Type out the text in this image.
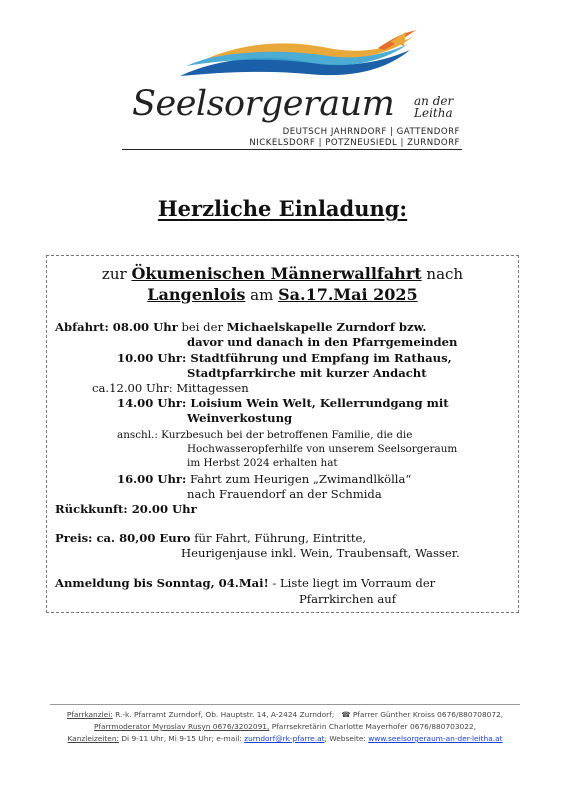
Seelsorgeraum an der
Leitha
DEUTSCH JAHRNDORF | GATTENDORF
NICKELSDORF | POTZNEUSIEDL | ZURNDORF
Herzliche Einladung:
zur Ökumenischen Männerwallfahrt nach
Langenlois am Sa.17.Mai 2025
Abfahrt: 08.00 Uhr bei der Michaelskapelle Zurndorf bzw.
davor und danach in den Pfarrgemeinden
10.00 Uhr: Stadtführung und Empfang im Rathaus,
Stadtpfarrkirche mit kurzer Andacht
ca.12.00 Uhr: Mittagessen
14.00 Uhr: Loisium Wein Welt, Kellerrundgang mit
Weinverkostung
anschl.: Kurzbesuch bei der betroffenen Familie, die die
Hochwasseropferhilfe von unserem Seelsorgeraum
im Herbst 2024 erhalten hat
16.00 Uhr: Fahrt zum Heurigen „Zwimandlkölla“
nach Frauendorf an der Schmida
Rückkunft: 20.00 Uhr
Preis: ca. 80,00 Euro für Fahrt, Führung, Eintritte,
Heurigenjause inkl. Wein, Traubensaft, Wasser.
Anmeldung bis Sonntag, 04.Mai! - Liste liegt im Vorraum der
Pfarrkirchen auf
Pfarrkanzlei: R.-k. Pfarramt Zurndorf, Ob. Hauptstr. 14, A-2424 Zurndorf; ☎ Pfarrer Günther Kroiss 0676/880708072,
Pfarrmoderator Myroslav Rusyn 0676/3202091, Pfarrsekretärin Charlotte Mayerhofer 0676/880703022,
Kanzleizeiten: Di 9-11 Uhr, Mi 9-15 Uhr; e-mail: zurndorf@rk-pfarre.at; Webseite: www.seelsorgeraum-an-der-leitha.at
